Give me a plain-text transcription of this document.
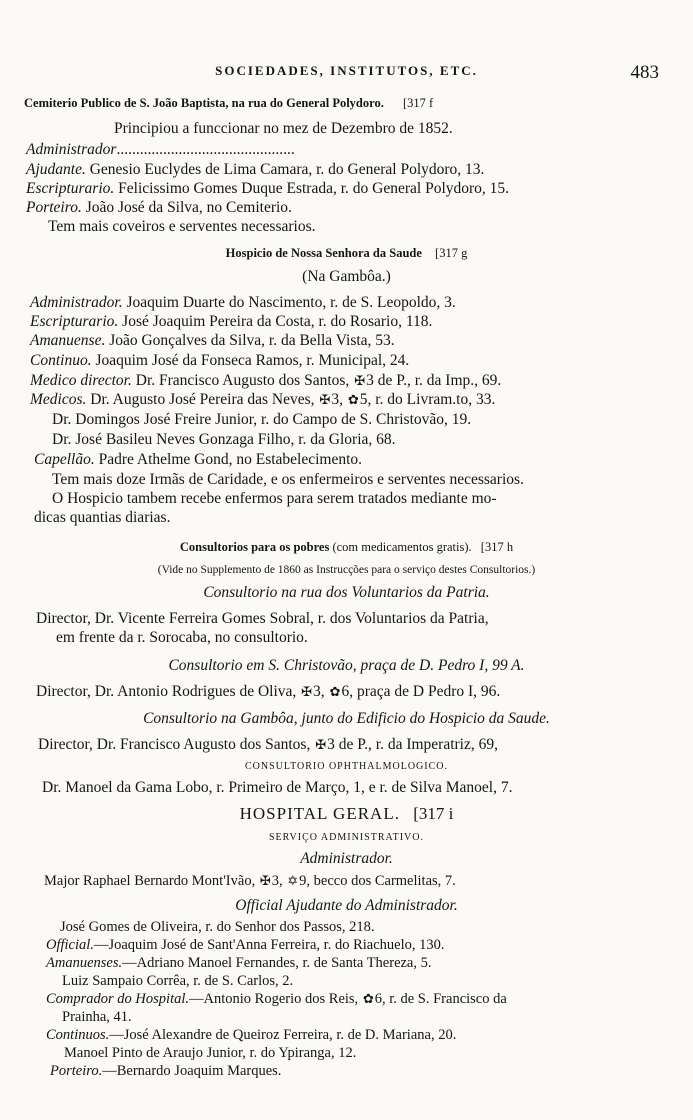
SOCIEDADES, INSTITUTOS, ETC.	483
Cemiterio Publico de S. João Baptista, na rua do General Polydoro. [317 f
Principiou a funccionar no mez de Dezembro de 1852.
Administrador..............................................
Ajudante. Genesio Euclydes de Lima Camara, r. do General Polydoro, 13.
Escripturario. Felicissimo Gomes Duque Estrada, r. do General Polydoro, 15.
Porteiro. João José da Silva, no Cemiterio.
Tem mais coveiros e serventes necessarios.
Hospicio de Nossa Senhora da Saude [317 g
(Na Gambôa.)
Administrador. Joaquim Duarte do Nascimento, r. de S. Leopoldo, 3.
Escripturario. José Joaquim Pereira da Costa, r. do Rosario, 118.
Amanuense. João Gonçalves da Silva, r. da Bella Vista, 53.
Continuo. Joaquim José da Fonseca Ramos, r. Municipal, 24.
Medico director. Dr. Francisco Augusto dos Santos, ✠3 de P., r. da Imp., 69.
Medicos. Dr. Augusto José Pereira das Neves, ✠3, ✿5, r. do Livram.to, 33.
Dr. Domingos José Freire Junior, r. do Campo de S. Christovão, 19.
Dr. José Basileu Neves Gonzaga Filho, r. da Gloria, 68.
Capellão. Padre Athelme Gond, no Estabelecimento.
Tem mais doze Irmãs de Caridade, e os enfermeiros e serventes necessarios.
O Hospicio tambem recebe enfermos para serem tratados mediante mo-
dicas quantias diarias.
Consultorios para os pobres (com medicamentos gratis). [317 h
(Vide no Supplemento de 1860 as Instrucções para o serviço destes Consultorios.)
Consultorio na rua dos Voluntarios da Patria.
Director, Dr. Vicente Ferreira Gomes Sobral, r. dos Voluntarios da Patria,
em frente da r. Sorocaba, no consultorio.
Consultorio em S. Christovão, praça de D. Pedro I, 99 A.
Director, Dr. Antonio Rodrigues de Oliva, ✠3, ✿6, praça de D Pedro I, 96.
Consultorio na Gambôa, junto do Edificio do Hospicio da Saude.
Director, Dr. Francisco Augusto dos Santos, ✠3 de P., r. da Imperatriz, 69,
CONSULTORIO OPHTHALMOLOGICO.
Dr. Manoel da Gama Lobo, r. Primeiro de Março, 1, e r. de Silva Manoel, 7.
HOSPITAL GERAL. [317 i
SERVIÇO ADMINISTRATIVO.
Administrador.
Major Raphael Bernardo Mont'Ivão, ✠3, ✡9, becco dos Carmelitas, 7.
Official Ajudante do Administrador.
José Gomes de Oliveira, r. do Senhor dos Passos, 218.
Official.—Joaquim José de Sant'Anna Ferreira, r. do Riachuelo, 130.
Amanuenses.—Adriano Manoel Fernandes, r. de Santa Thereza, 5.
Luiz Sampaio Corrêa, r. de S. Carlos, 2.
Comprador do Hospital.—Antonio Rogerio dos Reis, ✿6, r. de S. Francisco da
Prainha, 41.
Continuos.—José Alexandre de Queiroz Ferreira, r. de D. Mariana, 20.
Manoel Pinto de Araujo Junior, r. do Ypiranga, 12.
Porteiro.—Bernardo Joaquim Marques.
